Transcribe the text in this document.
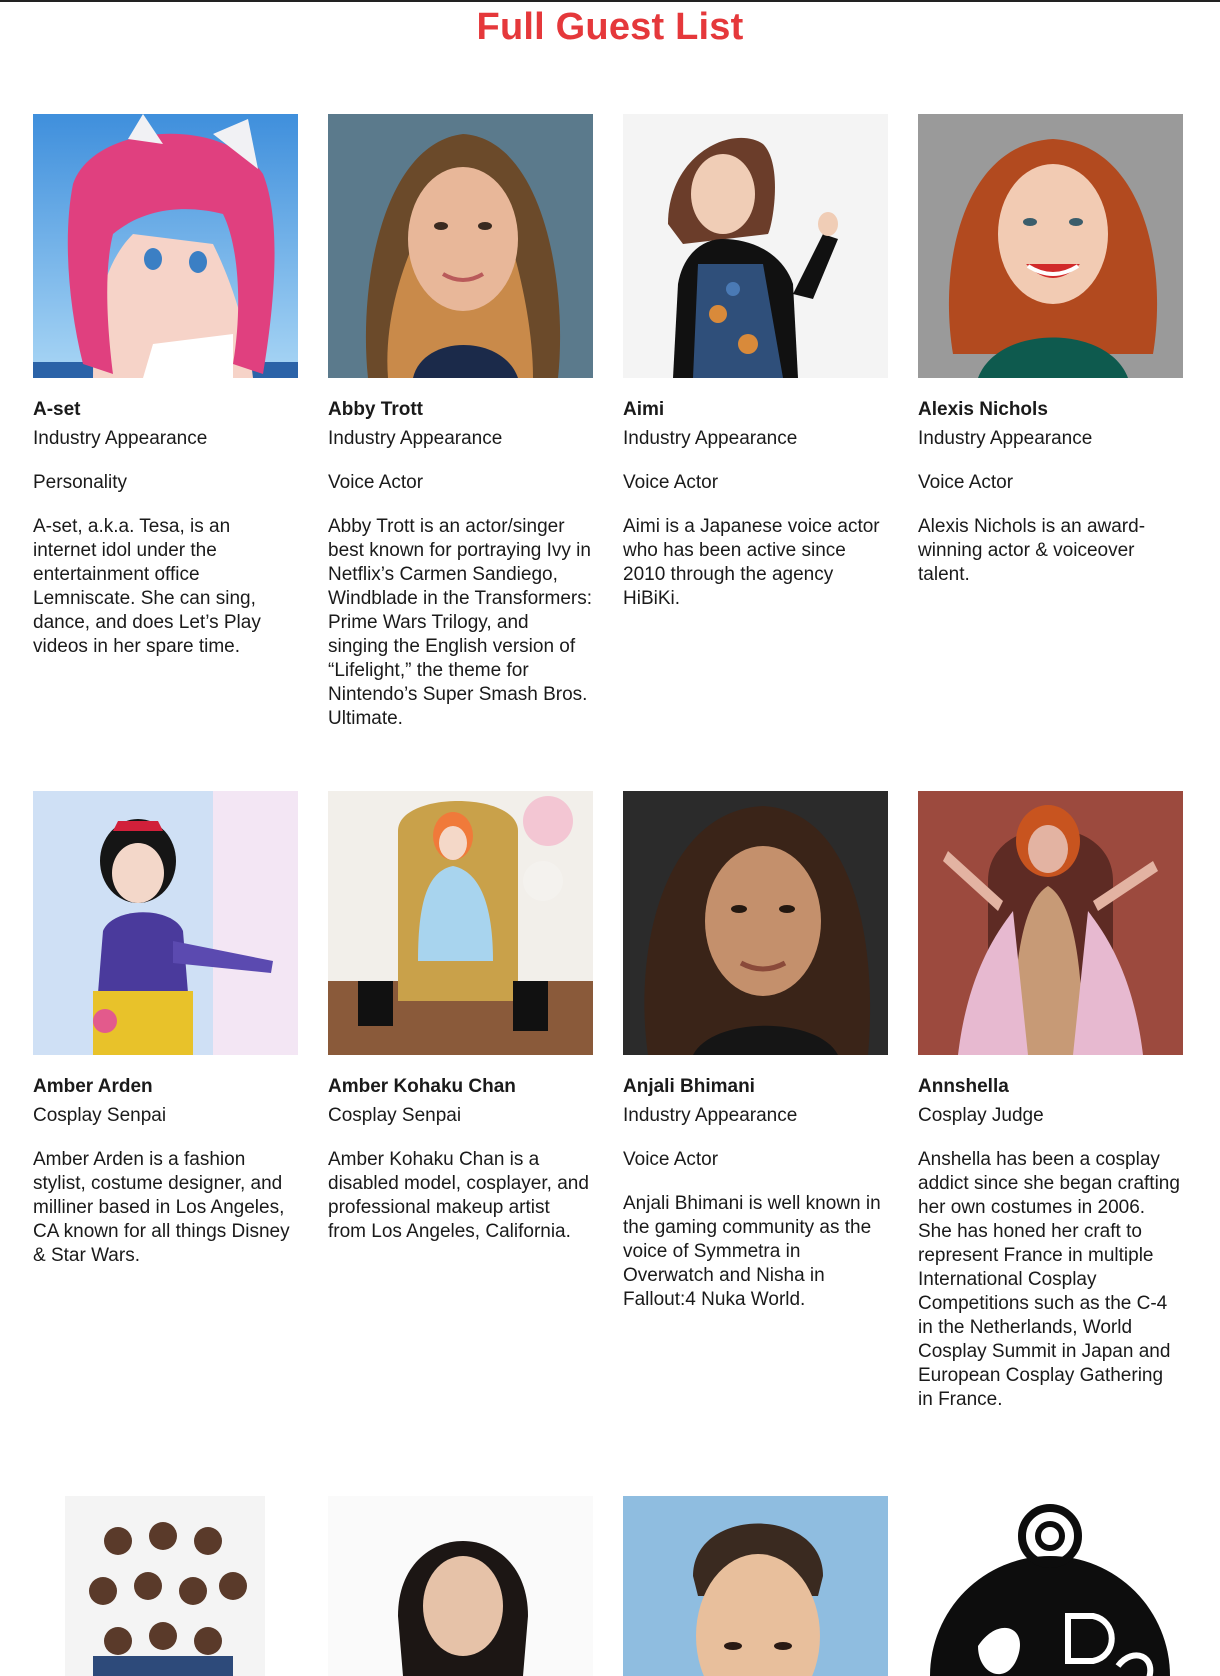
Full Guest List
A-set
Industry Appearance
Personality
A-set, a.k.a. Tesa, is an internet idol under the entertainment office Lemniscate. She can sing, dance, and does Let’s Play videos in her spare time.
Abby Trott
Industry Appearance
Voice Actor
Abby Trott is an actor/singer best known for portraying Ivy in Netflix’s Carmen Sandiego, Windblade in the Transformers: Prime Wars Trilogy, and singing the English version of “Lifelight,” the theme for Nintendo’s Super Smash Bros. Ultimate.
Aimi
Industry Appearance
Voice Actor
Aimi is a Japanese voice actor who has been active since 2010 through the agency HiBiKi.
Alexis Nichols
Industry Appearance
Voice Actor
Alexis Nichols is an award-winning actor & voiceover talent.
Amber Arden
Cosplay Senpai
Amber Arden is a fashion stylist, costume designer, and milliner based in Los Angeles, CA known for all things Disney & Star Wars.
Amber Kohaku Chan
Cosplay Senpai
Amber Kohaku Chan is a disabled model, cosplayer, and professional makeup artist from Los Angeles, California.
Anjali Bhimani
Industry Appearance
Voice Actor
Anjali Bhimani is well known in the gaming community as the voice of Symmetra in Overwatch and Nisha in Fallout:4 Nuka World.
Annshella
Cosplay Judge
Anshella has been a cosplay addict since she began crafting her own costumes in 2006. She has honed her craft to represent France in multiple International Cosplay Competitions such as the C-4 in the Netherlands, World Cosplay Summit in Japan and European Cosplay Gathering in France.
